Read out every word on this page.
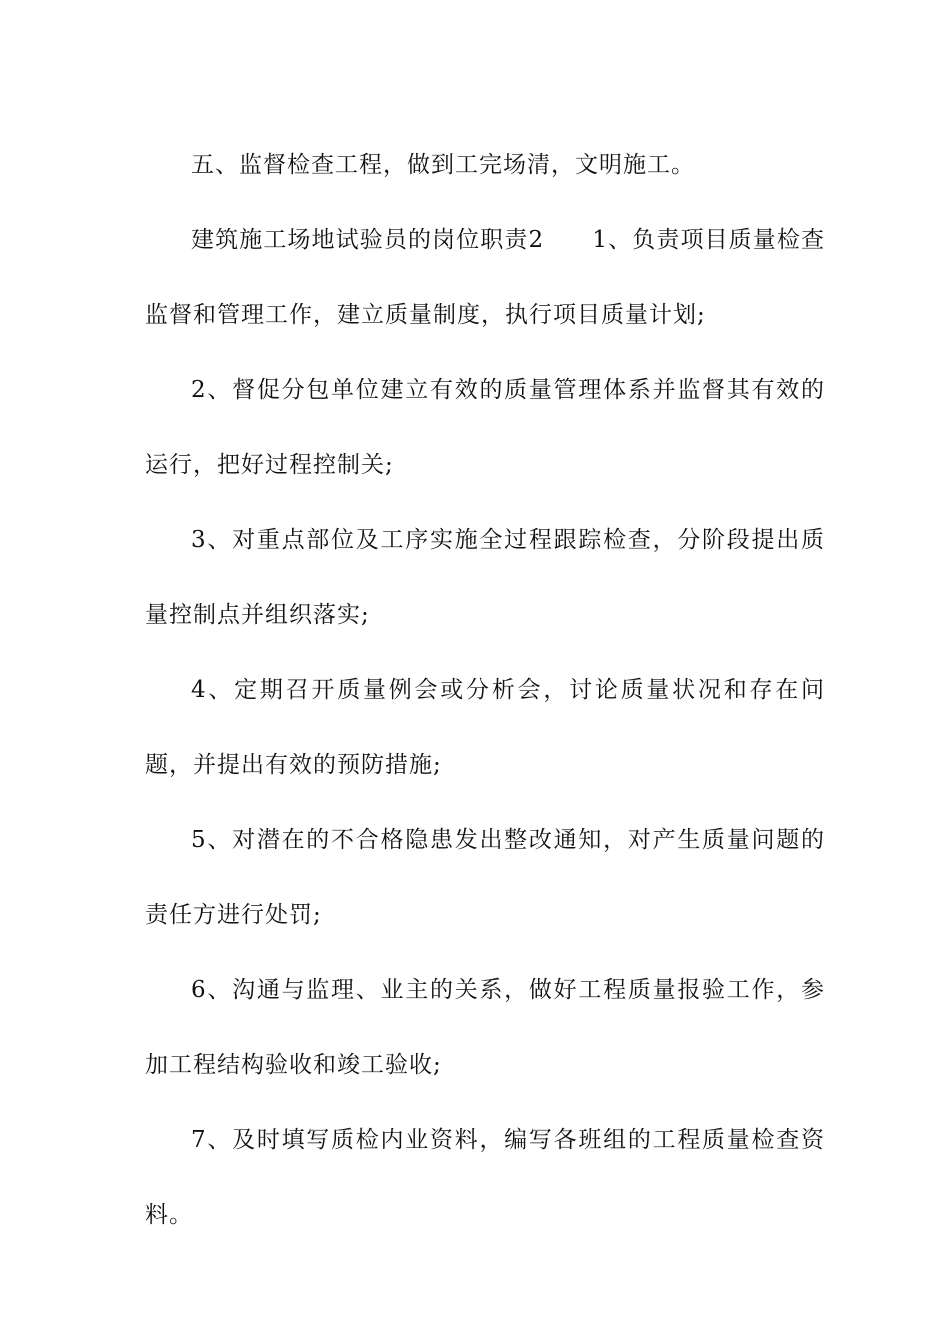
五、监督检查工程，做到工完场清，文明施工。

建筑施工场地试验员的岗位职责2　　1、负责项目质量检查监督和管理工作，建立质量制度，执行项目质量计划;

2、督促分包单位建立有效的质量管理体系并监督其有效的运行，把好过程控制关;

3、对重点部位及工序实施全过程跟踪检查，分阶段提出质量控制点并组织落实;

4、定期召开质量例会或分析会，讨论质量状况和存在问题，并提出有效的预防措施;

5、对潜在的不合格隐患发出整改通知，对产生质量问题的责任方进行处罚;

6、沟通与监理、业主的关系，做好工程质量报验工作，参加工程结构验收和竣工验收;

7、及时填写质检内业资料，编写各班组的工程质量检查资料。
